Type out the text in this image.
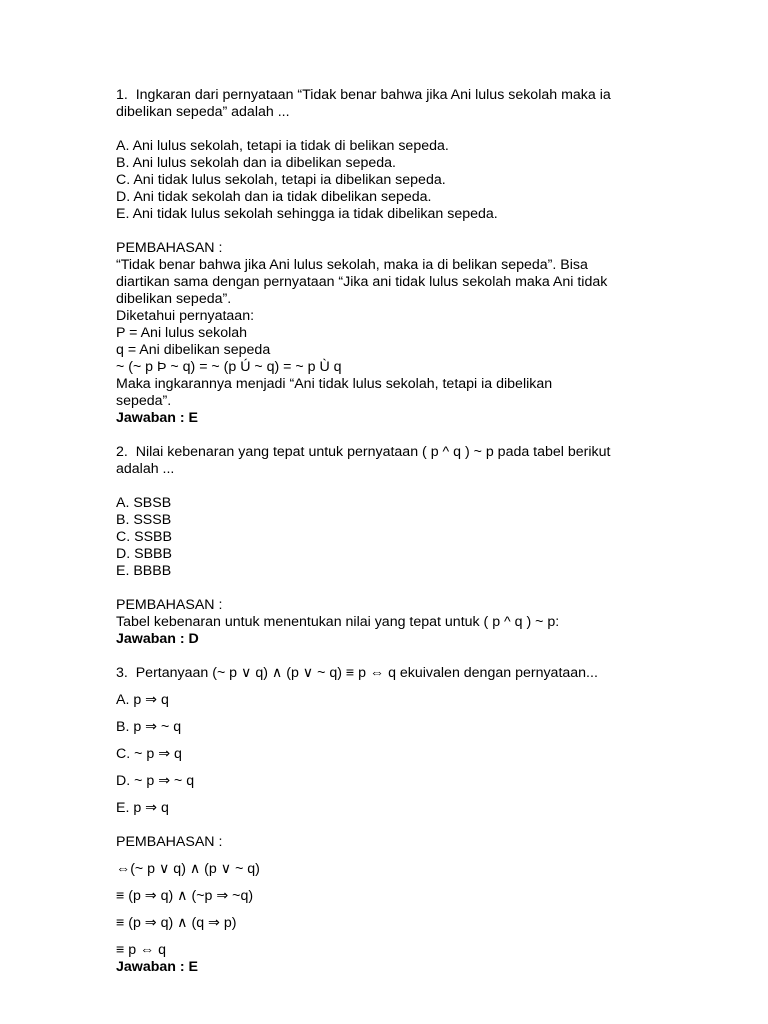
1.  Ingkaran dari pernyataan “Tidak benar bahwa jika Ani lulus sekolah maka ia
dibelikan sepeda” adalah ...
A. Ani lulus sekolah, tetapi ia tidak di belikan sepeda.
B. Ani lulus sekolah dan ia dibelikan sepeda.
C. Ani tidak lulus sekolah, tetapi ia dibelikan sepeda.
D. Ani tidak sekolah dan ia tidak dibelikan sepeda.
E. Ani tidak lulus sekolah sehingga ia tidak dibelikan sepeda.
PEMBAHASAN :
“Tidak benar bahwa jika Ani lulus sekolah, maka ia di belikan sepeda”. Bisa
diartikan sama dengan pernyataan “Jika ani tidak lulus sekolah maka Ani tidak
dibelikan sepeda”.
Diketahui pernyataan:
P = Ani lulus sekolah
q = Ani dibelikan sepeda
~ (~ p Þ ~ q) = ~ (p Ú ~ q) = ~ p Ù q
Maka ingkarannya menjadi “Ani tidak lulus sekolah, tetapi ia dibelikan
sepeda”.
Jawaban : E
2.  Nilai kebenaran yang tepat untuk pernyataan ( p ^ q ) ~ p pada tabel berikut
adalah ...
A. SBSB
B. SSSB
C. SSBB
D. SBBB
E. BBBB
PEMBAHASAN :
Tabel kebenaran untuk menentukan nilai yang tepat untuk ( p ^ q ) ~ p:
Jawaban : D
3.  Pertanyaan (~ p ∨ q) ∧ (p ∨ ~ q) ≡ p ⇔ q ekuivalen dengan pernyataan...
A. p ⇒ q
B. p ⇒ ~ q
C. ~ p ⇒ q
D. ~ p ⇒ ~ q
E. p ⇒ q
PEMBAHASAN :
⇔(~ p ∨ q) ∧ (p ∨ ~ q)
≡ (p ⇒ q) ∧ (~p ⇒ ~q)
≡ (p ⇒ q) ∧ (q ⇒ p)
≡ p ⇔ q
Jawaban : E
